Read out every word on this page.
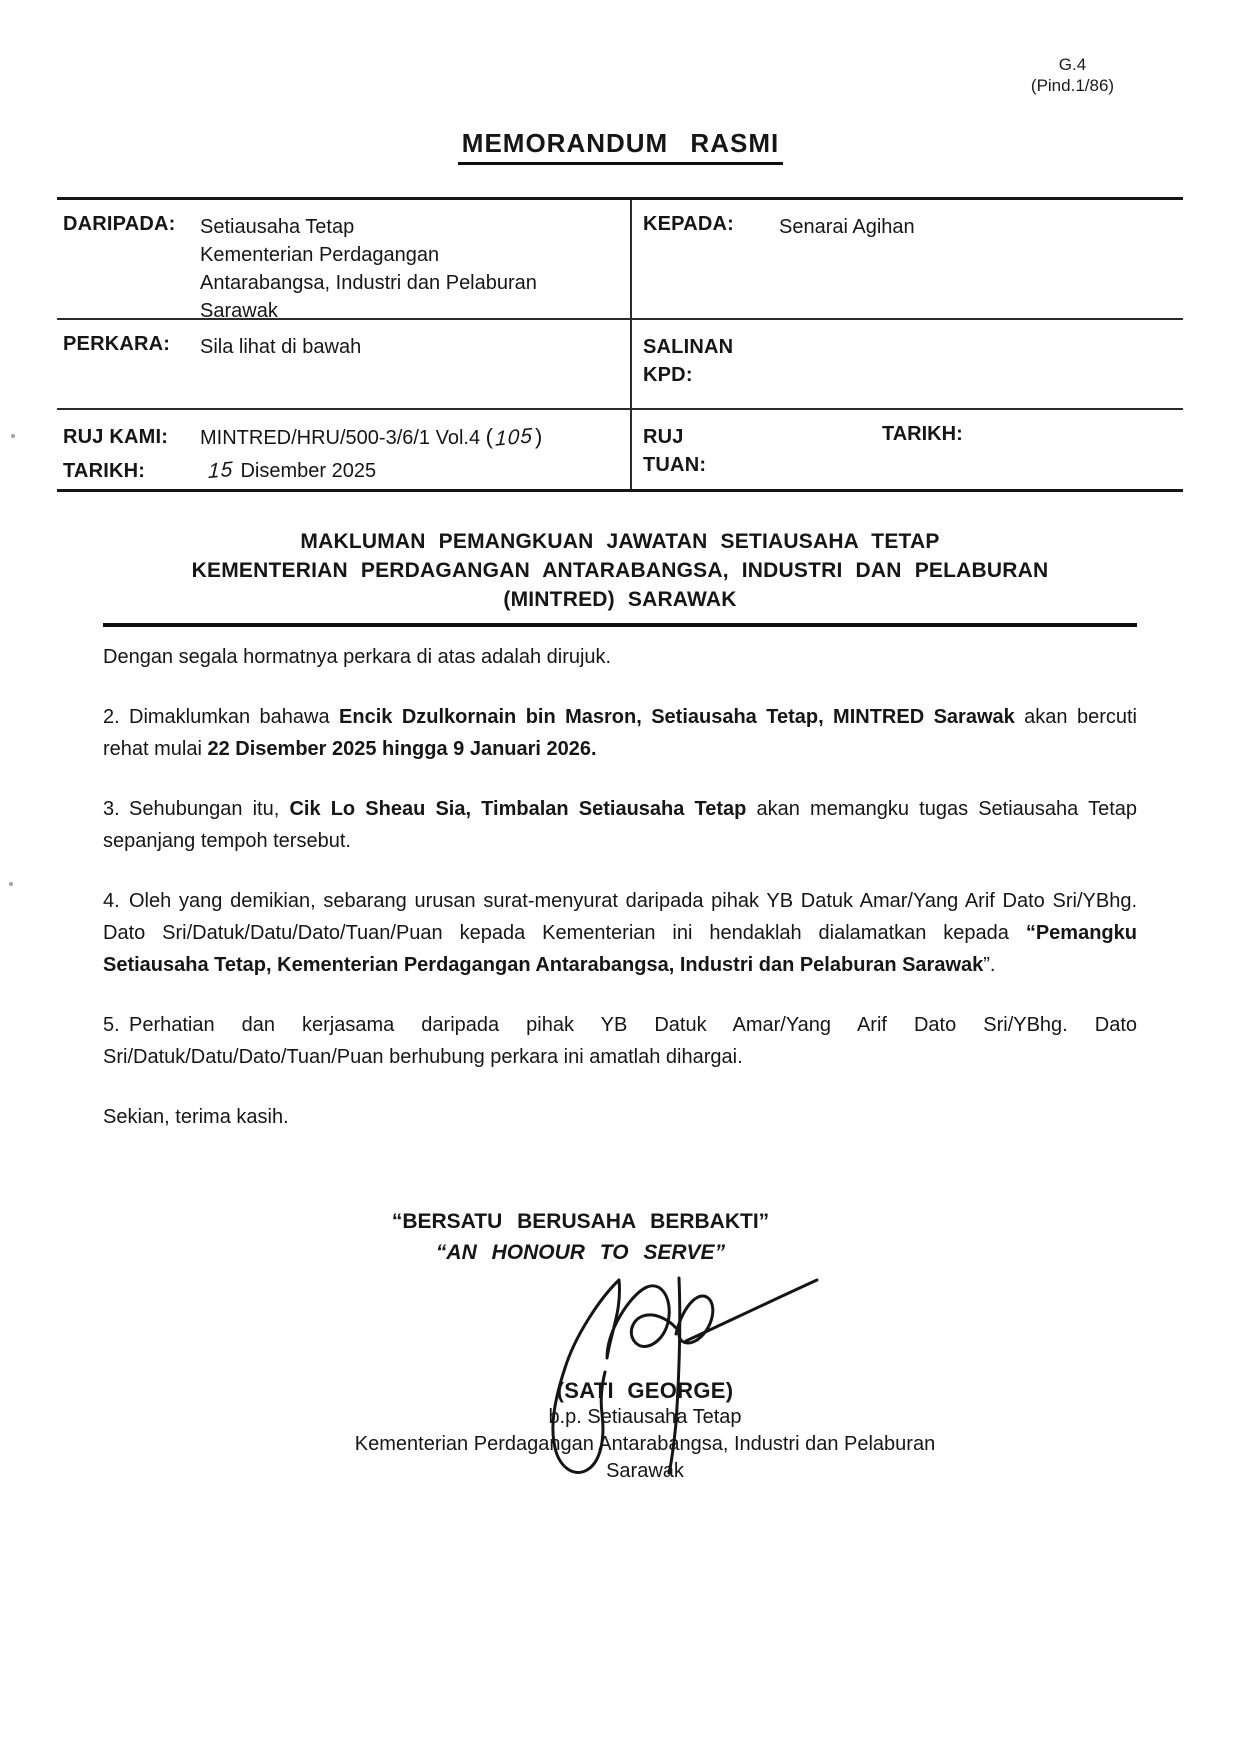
G.4
(Pind.1/86)
MEMORANDUM RASMI
DARIPADA:	Setiausaha Tetap
Kementerian Perdagangan
Antarabangsa, Industri dan Pelaburan
Sarawak
KEPADA:	Senarai Agihan
PERKARA:	Sila lihat di bawah	SALINAN
KPD:
RUJ KAMI:	MINTRED/HRU/500-3/6/1 Vol.4 (105)
TARIKH:	15 Disember 2025
RUJ
TUAN:
TARIKH:
MAKLUMAN PEMANGKUAN JAWATAN SETIAUSAHA TETAP
KEMENTERIAN PERDAGANGAN ANTARABANGSA, INDUSTRI DAN PELABURAN
(MINTRED) SARAWAK

Dengan segala hormatnya perkara di atas adalah dirujuk.

2. Dimaklumkan bahawa Encik Dzulkornain bin Masron, Setiausaha Tetap, MINTRED Sarawak akan bercuti rehat mulai 22 Disember 2025 hingga 9 Januari 2026.

3. Sehubungan itu, Cik Lo Sheau Sia, Timbalan Setiausaha Tetap akan memangku tugas Setiausaha Tetap sepanjang tempoh tersebut.

4. Oleh yang demikian, sebarang urusan surat-menyurat daripada pihak YB Datuk Amar/Yang Arif Dato Sri/YBhg. Dato Sri/Datuk/Datu/Dato/Tuan/Puan kepada Kementerian ini hendaklah dialamatkan kepada “Pemangku Setiausaha Tetap, Kementerian Perdagangan Antarabangsa, Industri dan Pelaburan Sarawak”.

5. Perhatian dan kerjasama daripada pihak YB Datuk Amar/Yang Arif Dato Sri/YBhg. Dato Sri/Datuk/Datu/Dato/Tuan/Puan berhubung perkara ini amatlah dihargai.

Sekian, terima kasih.

“BERSATU BERUSAHA BERBAKTI”
“AN HONOUR TO SERVE”
(SATI GEORGE)
b.p. Setiausaha Tetap
Kementerian Perdagangan Antarabangsa, Industri dan Pelaburan
Sarawak
